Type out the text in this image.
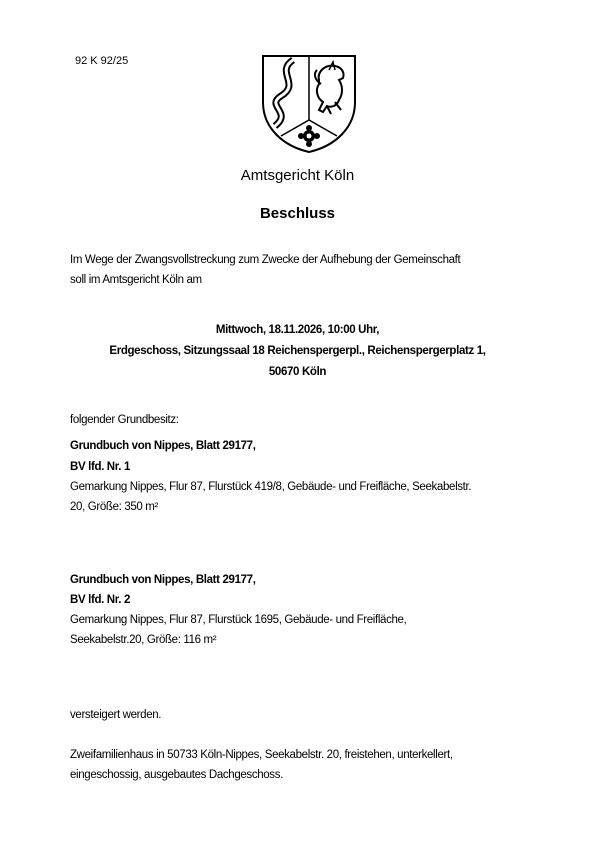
92 K 92/25
Amtsgericht Köln
Beschluss
Im Wege der Zwangsvollstreckung zum Zwecke der Aufhebung der Gemeinschaft
soll im Amtsgericht Köln am
Mittwoch, 18.11.2026, 10:00 Uhr,
Erdgeschoss, Sitzungssaal 18 Reichenspergerpl., Reichenspergerplatz 1,
50670 Köln
folgender Grundbesitz:
Grundbuch von Nippes, Blatt 29177,
BV lfd. Nr. 1
Gemarkung Nippes, Flur 87, Flurstück 419/8, Gebäude- und Freifläche, Seekabelstr.
20, Größe: 350 m²
Grundbuch von Nippes, Blatt 29177,
BV lfd. Nr. 2
Gemarkung Nippes, Flur 87, Flurstück 1695, Gebäude- und Freifläche,
Seekabelstr.20, Größe: 116 m²
versteigert werden.
Zweifamilienhaus in 50733 Köln-Nippes, Seekabelstr. 20, freistehen, unterkellert,
eingeschossig, ausgebautes Dachgeschoss.
